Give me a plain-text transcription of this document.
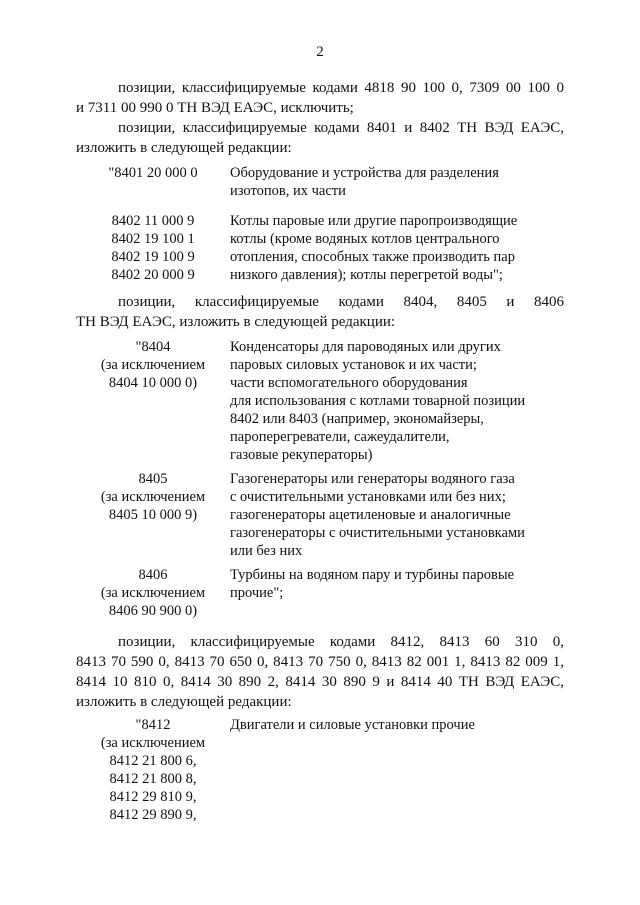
2
позиции, классифицируемые кодами 4818 90 100 0, 7309 00 100 0
и 7311 00 990 0 ТН ВЭД ЕАЭС, исключить;
позиции, классифицируемые кодами 8401 и 8402 ТН ВЭД ЕАЭС,
изложить в следующей редакции:
"8401 20 000 0	Оборудование и устройства для разделения
изотопов, их части
8402 11 000 9
8402 19 100 1
8402 19 100 9
8402 20 000 9
Котлы паровые или другие паропроизводящие
котлы (кроме водяных котлов центрального
отопления, способных также производить пар
низкого давления); котлы перегретой воды";
позиции, классифицируемые кодами 8404, 8405 и 8406
ТН ВЭД ЕАЭС, изложить в следующей редакции:
"8404
(за исключением
8404 10 000 0)
Конденсаторы для пароводяных или других
паровых силовых установок и их части;
части вспомогательного оборудования
для использования с котлами товарной позиции
8402 или 8403 (например, экономайзеры,
пароперегреватели, сажеудалители,
газовые рекуператоры)
8405
(за исключением
8405 10 000 9)
Газогенераторы или генераторы водяного газа
с очистительными установками или без них;
газогенераторы ацетиленовые и аналогичные
газогенераторы с очистительными установками
или без них
8406
(за исключением
8406 90 900 0)
Турбины на водяном пару и турбины паровые
прочие";
позиции, классифицируемые кодами 8412, 8413 60 310 0,
8413 70 590 0, 8413 70 650 0, 8413 70 750 0, 8413 82 001 1, 8413 82 009 1,
8414 10 810 0, 8414 30 890 2, 8414 30 890 9 и 8414 40 ТН ВЭД ЕАЭС,
изложить в следующей редакции:
"8412
(за исключением
8412 21 800 6,
8412 21 800 8,
8412 29 810 9,
8412 29 890 9,
Двигатели и силовые установки прочие
